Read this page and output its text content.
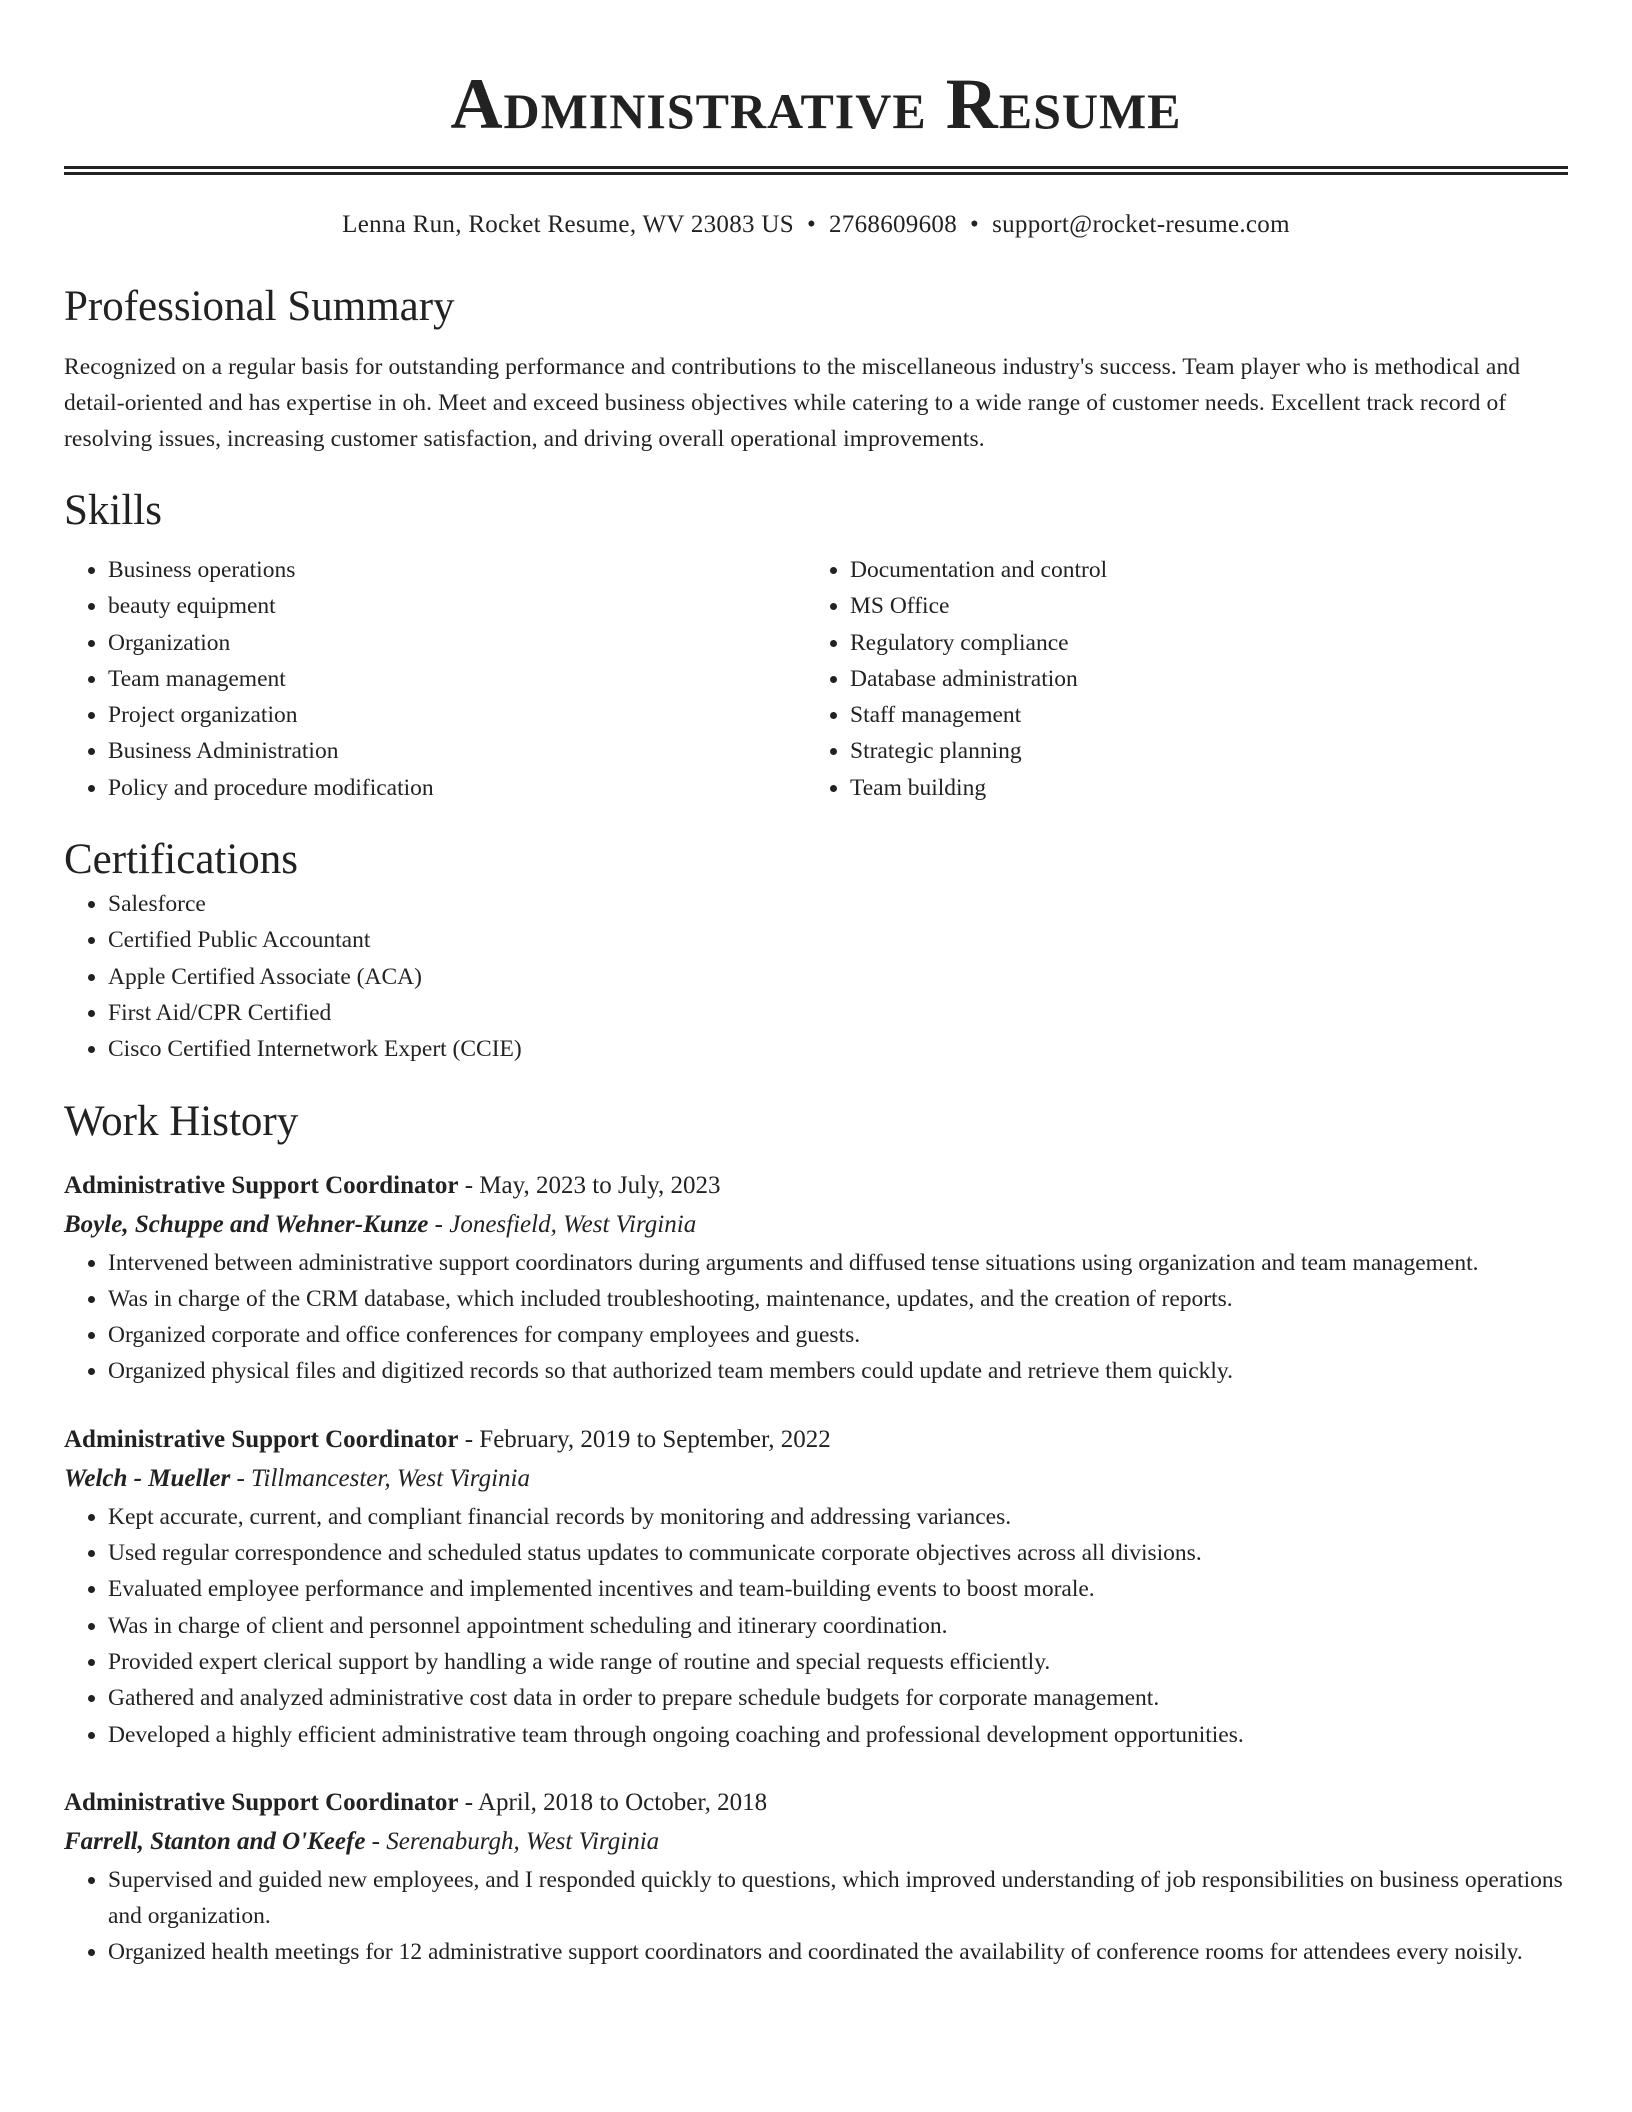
Administrative Resume
Lenna Run, Rocket Resume, WV 23083 US • 2768609608 • support@rocket-resume.com
Professional Summary

Recognized on a regular basis for outstanding performance and contributions to the miscellaneous industry's success. Team player who is methodical and detail-oriented and has expertise in oh. Meet and exceed business objectives while catering to a wide range of customer needs. Excellent track record of resolving issues, increasing customer satisfaction, and driving overall operational improvements.

Skills
• Business operations
• beauty equipment
• Organization
• Team management
• Project organization
• Business Administration
• Policy and procedure modification
• Documentation and control
• MS Office
• Regulatory compliance
• Database administration
• Staff management
• Strategic planning
• Team building
Certifications
• Salesforce
• Certified Public Accountant
• Apple Certified Associate (ACA)
• First Aid/CPR Certified
• Cisco Certified Internetwork Expert (CCIE)
Work History
Administrative Support Coordinator - May, 2023 to July, 2023
Boyle, Schuppe and Wehner-Kunze - Jonesfield, West Virginia
• Intervened between administrative support coordinators during arguments and diffused tense situations using organization and team management.
• Was in charge of the CRM database, which included troubleshooting, maintenance, updates, and the creation of reports.
• Organized corporate and office conferences for company employees and guests.
• Organized physical files and digitized records so that authorized team members could update and retrieve them quickly.
Administrative Support Coordinator - February, 2019 to September, 2022
Welch - Mueller - Tillmancester, West Virginia
• Kept accurate, current, and compliant financial records by monitoring and addressing variances.
• Used regular correspondence and scheduled status updates to communicate corporate objectives across all divisions.
• Evaluated employee performance and implemented incentives and team-building events to boost morale.
• Was in charge of client and personnel appointment scheduling and itinerary coordination.
• Provided expert clerical support by handling a wide range of routine and special requests efficiently.
• Gathered and analyzed administrative cost data in order to prepare schedule budgets for corporate management.
• Developed a highly efficient administrative team through ongoing coaching and professional development opportunities.
Administrative Support Coordinator - April, 2018 to October, 2018
Farrell, Stanton and O'Keefe - Serenaburgh, West Virginia
• Supervised and guided new employees, and I responded quickly to questions, which improved understanding of job responsibilities on business operations and organization.
• Organized health meetings for 12 administrative support coordinators and coordinated the availability of conference rooms for attendees every noisily.
